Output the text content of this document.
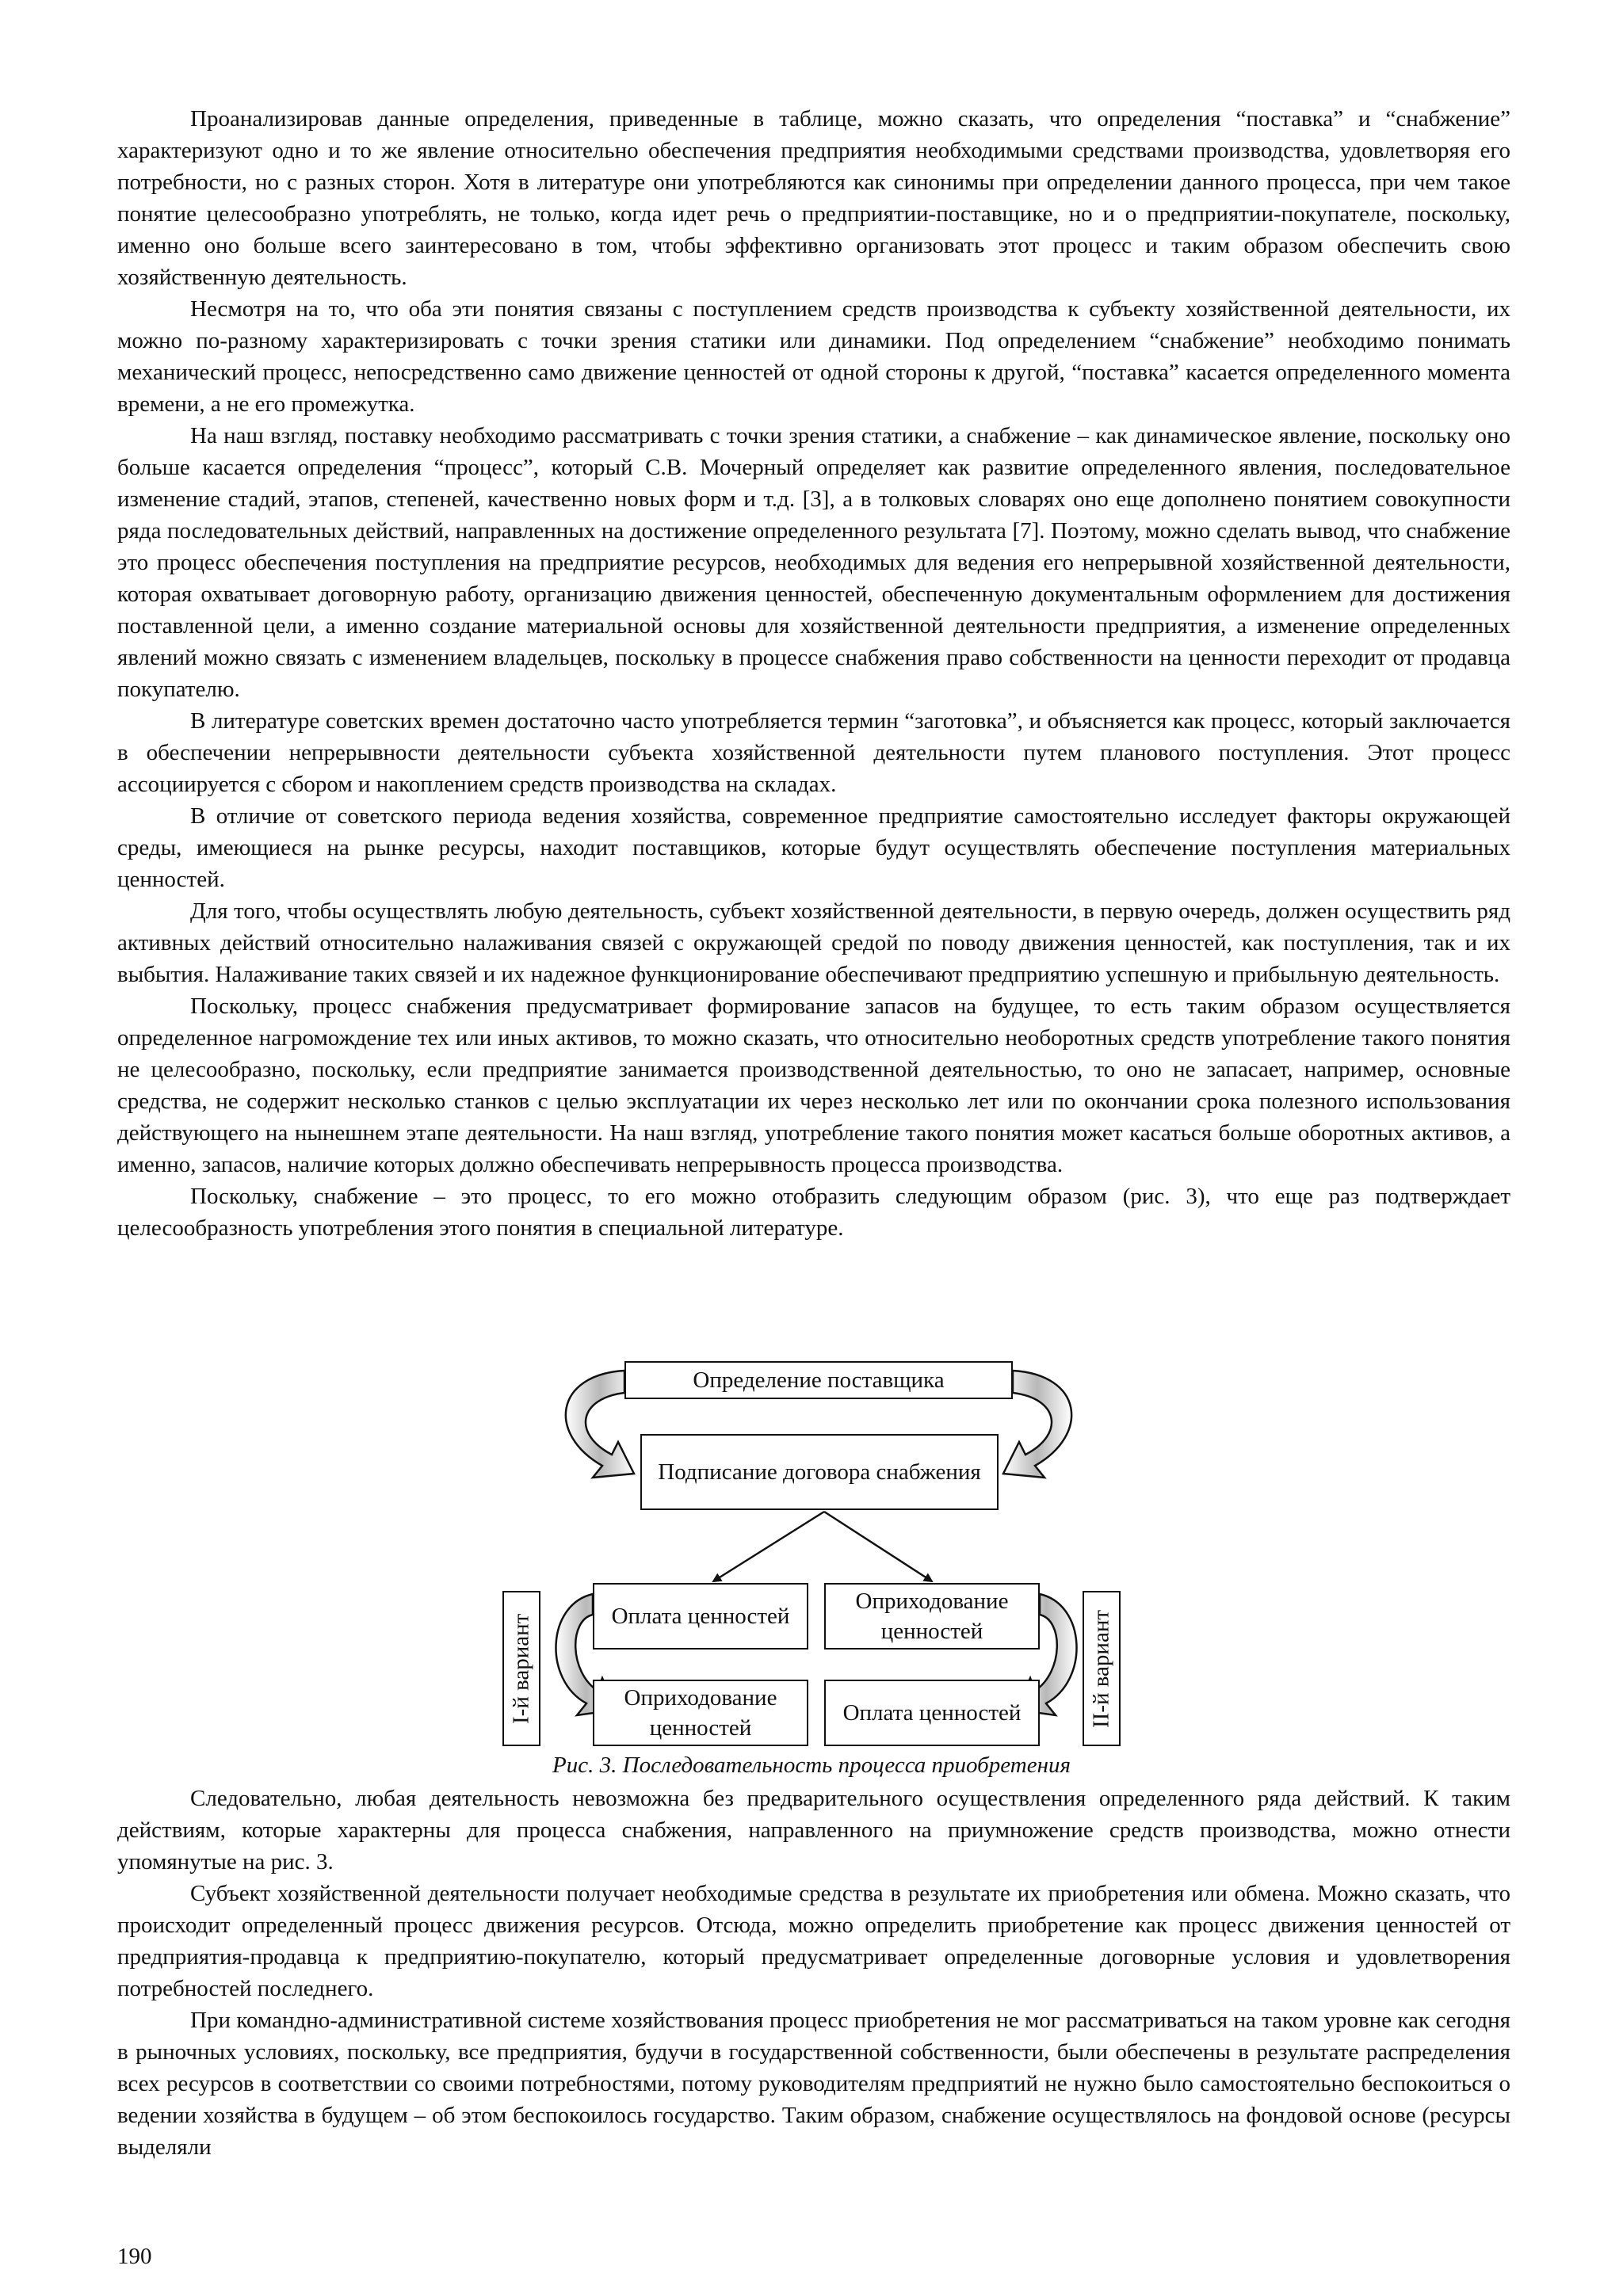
Проанализировав данные определения, приведенные в таблице, можно сказать, что определения “поставка” и “снабжение” характеризуют одно и то же явление относительно обеспечения предприятия необходимыми средствами производства, удовлетворяя его потребности, но с разных сторон. Хотя в литературе они употребляются как синонимы при определении данного процесса, при чем такое понятие целесообразно употреблять, не только, когда идет речь о предприятии-поставщике, но и о предприятии-покупателе, поскольку, именно оно больше всего заинтересовано в том, чтобы эффективно организовать этот процесс и таким образом обеспечить свою хозяйственную деятельность.

Несмотря на то, что оба эти понятия связаны с поступлением средств производства к субъекту хозяйственной деятельности, их можно по-разному характеризировать с точки зрения статики или динамики. Под определением “снабжение” необходимо понимать механический процесс, непосредственно само движение ценностей от одной стороны к другой, “поставка” касается определенного момента времени, а не его промежутка.

На наш взгляд, поставку необходимо рассматривать с точки зрения статики, а снабжение – как динамическое явление, поскольку оно больше касается определения “процесс”, который С.В. Мочерный определяет как развитие определенного явления, последовательное изменение стадий, этапов, степеней, качественно новых форм и т.д. [3], а в толковых словарях оно еще дополнено понятием совокупности ряда последовательных действий, направленных на достижение определенного результата [7]. Поэтому, можно сделать вывод, что снабжение это процесс обеспечения поступления на предприятие ресурсов, необходимых для ведения его непрерывной хозяйственной деятельности, которая охватывает договорную работу, организацию движения ценностей, обеспеченную документальным оформлением для достижения поставленной цели, а именно создание материальной основы для хозяйственной деятельности предприятия, а изменение определенных явлений можно связать с изменением владельцев, поскольку в процессе снабжения право собственности на ценности переходит от продавца покупателю.

В литературе советских времен достаточно часто употребляется термин “заготовка”, и объясняется как процесс, который заключается в обеспечении непрерывности деятельности субъекта хозяйственной деятельности путем планового поступления. Этот процесс ассоциируется с сбором и накоплением средств производства на складах.

В отличие от советского периода ведения хозяйства, современное предприятие самостоятельно исследует факторы окружающей среды, имеющиеся на рынке ресурсы, находит поставщиков, которые будут осуществлять обеспечение поступления материальных ценностей.

Для того, чтобы осуществлять любую деятельность, субъект хозяйственной деятельности, в первую очередь, должен осуществить ряд активных действий относительно налаживания связей с окружающей средой по поводу движения ценностей, как поступления, так и их выбытия. Налаживание таких связей и их надежное функционирование обеспечивают предприятию успешную и прибыльную деятельность.

Поскольку, процесс снабжения предусматривает формирование запасов на будущее, то есть таким образом осуществляется определенное нагромождение тех или иных активов, то можно сказать, что относительно необоротных средств употребление такого понятия не целесообразно, поскольку, если предприятие занимается производственной деятельностью, то оно не запасает, например, основные средства, не содержит несколько станков с целью эксплуатации их через несколько лет или по окончании срока полезного использования действующего на нынешнем этапе деятельности. На наш взгляд, употребление такого понятия может касаться больше оборотных активов, а именно, запасов, наличие которых должно обеспечивать непрерывность процесса производства.

Поскольку, снабжение – это процесс, то его можно отобразить следующим образом (рис. 3), что еще раз подтверждает целесообразность употребления этого понятия в специальной литературе.

Определение поставщика
Подписание договора снабжения
Оплата ценностей
Оприходование ценностей
Оприходование ценностей
Оплата ценностей
І-й вариант	ІІ-й вариант
Рис. 3. Последовательность процесса приобретения

Следовательно, любая деятельность невозможна без предварительного осуществления определенного ряда действий. К таким действиям, которые характерны для процесса снабжения, направленного на приумножение средств производства, можно отнести упомянутые на рис. 3.

Субъект хозяйственной деятельности получает необходимые средства в результате их приобретения или обмена. Можно сказать, что происходит определенный процесс движения ресурсов. Отсюда, можно определить приобретение как процесс движения ценностей от предприятия-продавца к предприятию-покупателю, который предусматривает определенные договорные условия и удовлетворения потребностей последнего.

При командно-административной системе хозяйствования процесс приобретения не мог рассматриваться на таком уровне как сегодня в рыночных условиях, поскольку, все предприятия, будучи в государственной собственности, были обеспечены в результате распределения всех ресурсов в соответствии со своими потребностями, потому руководителям предприятий не нужно было самостоятельно беспокоиться о ведении хозяйства в будущем – об этом беспокоилось государство. Таким образом, снабжение осуществлялось на фондовой основе (ресурсы выделяли

190
